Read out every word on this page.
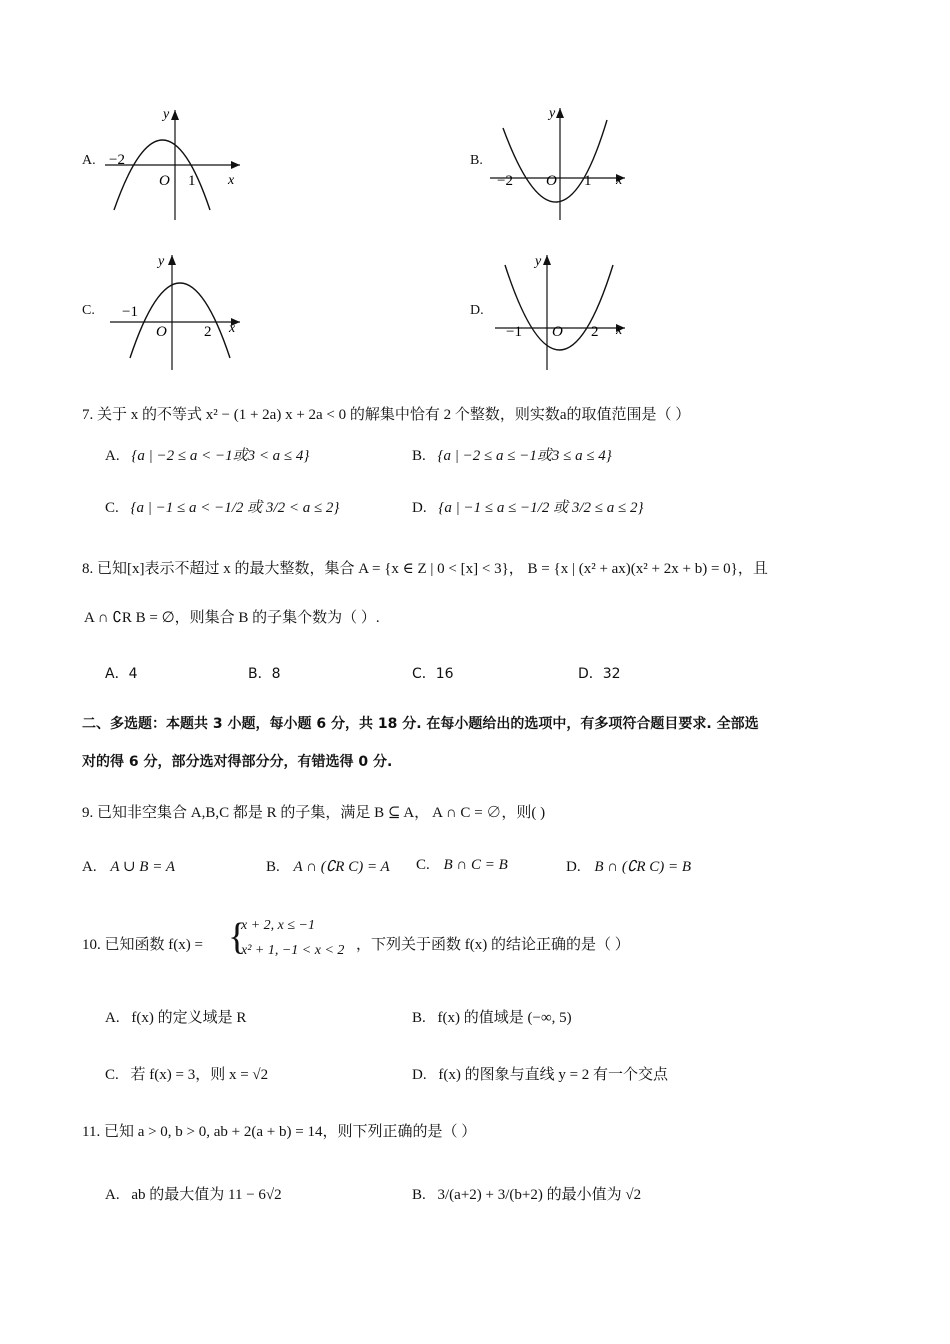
A.
y
x
−2
O 1
B.
y
x
−2 O 1
C.
y
x
−1
O 2
D.
y
x
−1 O 2
7. 关于 x 的不等式 x² − (1 + 2a) x + 2a < 0 的解集中恰有 2 个整数，则实数a的取值范围是（ ）
A. {a | −2 ≤ a < −1或3 < a ≤ 4}	B. {a | −2 ≤ a ≤ −1或3 ≤ a ≤ 4}
C. {a | −1 ≤ a < −1/2 或 3/2 < a ≤ 2}	D. {a | −1 ≤ a ≤ −1/2 或 3/2 ≤ a ≤ 2}
8. 已知[x]表示不超过 x 的最大整数，集合 A = {x ∈ Z | 0 < [x] < 3}， B = {x | (x² + ax)(x² + 2x + b) = 0}，且
A ∩ ∁R B = ∅，则集合 B 的子集个数为（ ）.
A．4	B．8	C．16	D．32
二、多选题：本题共 3 小题，每小题 6 分，共 18 分. 在每小题给出的选项中，有多项符合题目要求. 全部选
对的得 6 分，部分选对得部分分，有错选得 0 分.
9. 已知非空集合 A,B,C 都是 R 的子集，满足 B ⊆ A， A ∩ C = ∅，则( )
A. A ∪ B = A	B. A ∩ (∁R C) = A C. B ∩ C = B	D. B ∩ (∁R C) = B
10. 已知函数 f(x) = {
x + 2, x ≤ −1
x² + 1, −1 < x < 2 ，下列关于函数 f(x) 的结论正确的是（ ）
A. f(x) 的定义域是 R	B. f(x) 的值域是 (−∞, 5)
C. 若 f(x) = 3，则 x = √2	D. f(x) 的图象与直线 y = 2 有一个交点
11. 已知 a > 0, b > 0, ab + 2(a + b) = 14，则下列正确的是（ ）
A. ab 的最大值为 11 − 6√2	B. 3/(a+2) + 3/(b+2) 的最小值为 √2
